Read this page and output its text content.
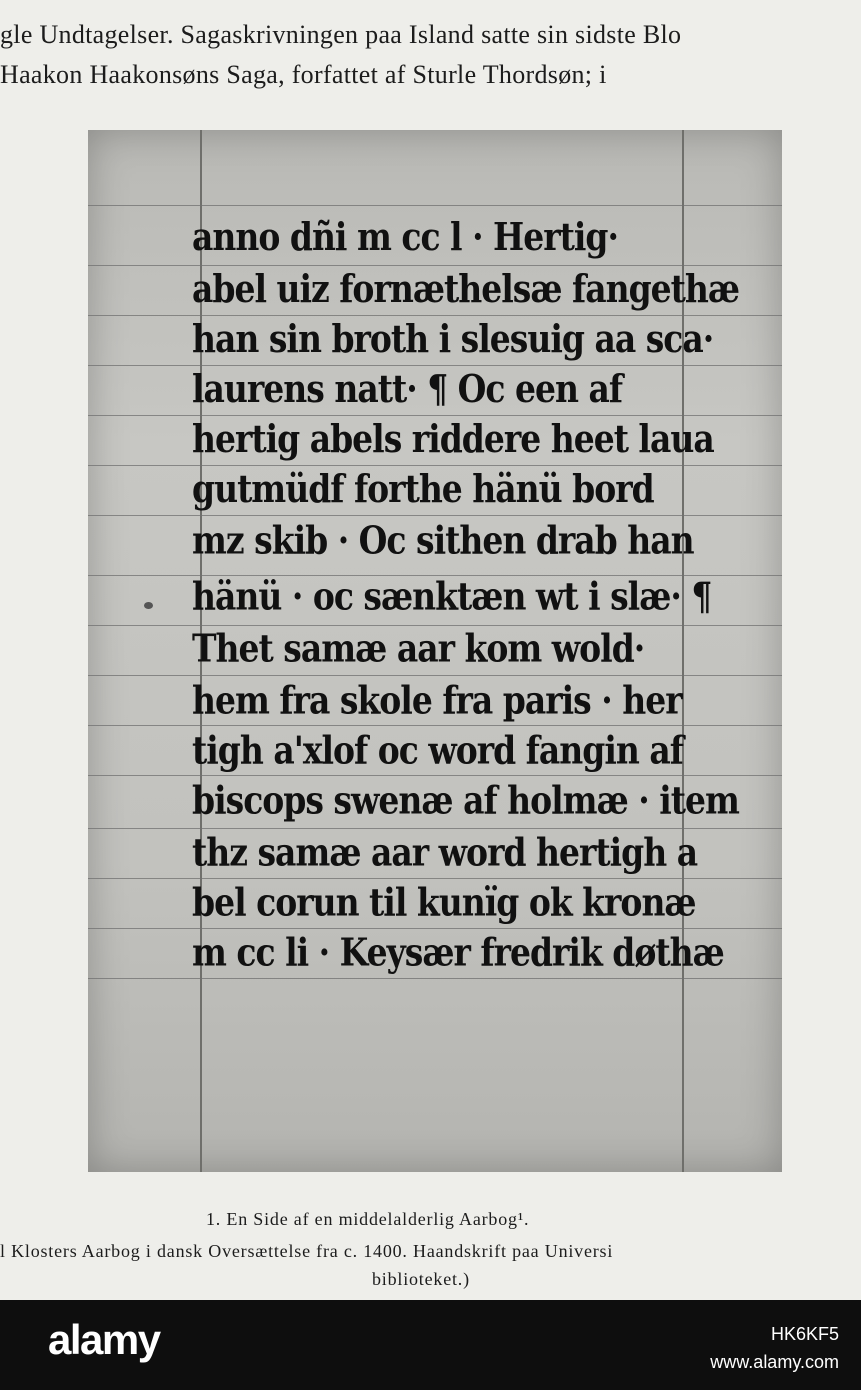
gle Undtagelser. Sagaskrivningen paa Island satte sin sidste Blo
Haakon Haakonsøns Saga, forfattet af Sturle Thordsøn; i
anno dñi m cc l · Hertig·
abel uiz fornæthelsæ fangethæ
han sin broth i slesuig aa sca·
laurens natt· ¶ Oc een af
hertig abels riddere heet laua
gutmüdf forthe hänü bord
mz skib · Oc sithen drab han
hänü · oc sænktæn wt i slæ· ¶
Thet samæ aar kom wold·
hem fra skole fra paris · her
tigh a'xlof oc word fangin af
biscops swenæ af holmæ · item
thz samæ aar word hertigh a
bel corun til kunïg ok kronæ
m cc li · Keysær fredrik døthæ
1. En Side af en middelalderlig Aarbog¹.
l Klosters Aarbog i dansk Oversættelse fra c. 1400. Haandskrift paa Universi
biblioteket.)
alamy	HK6KF5
www.alamy.com
